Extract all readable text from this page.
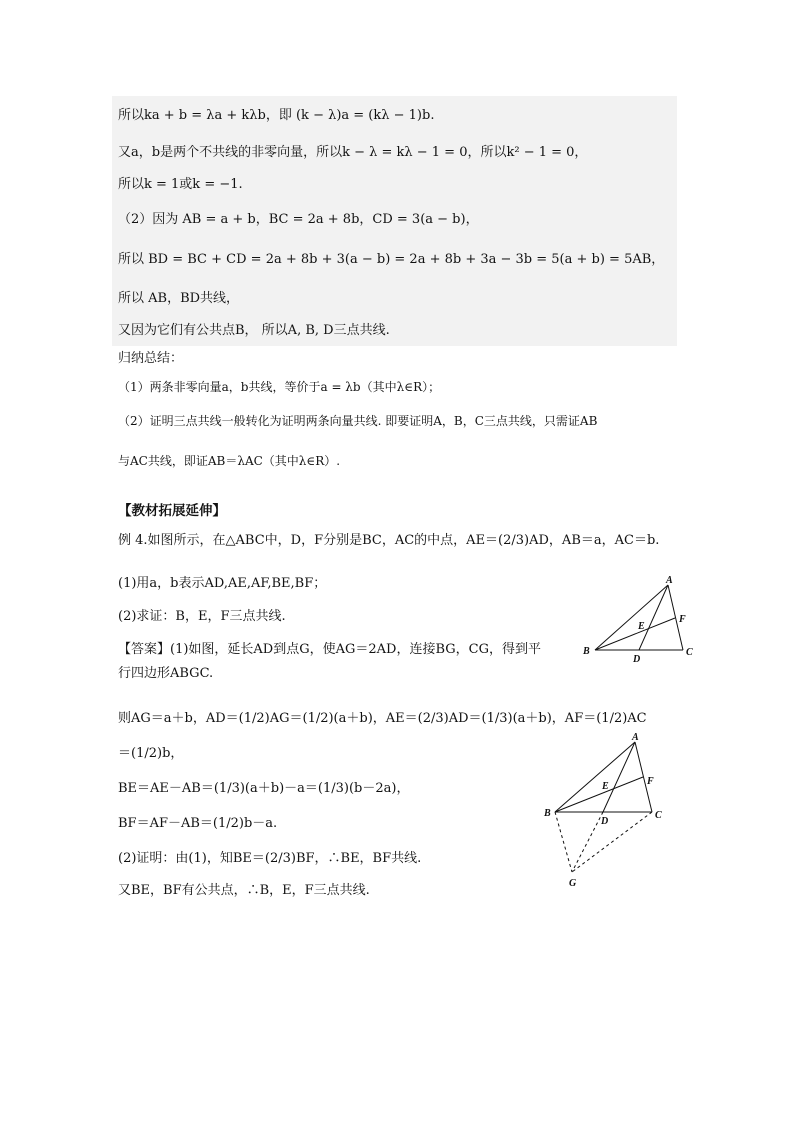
所以ka + b = λa + kλb，即 (k − λ)a = (kλ − 1)b.
又a，b是两个不共线的非零向量，所以k − λ = kλ − 1 = 0，所以k² − 1 = 0，
所以k = 1或k = −1.
（2）因为 AB = a + b，BC = 2a + 8b，CD = 3(a − b)，
所以 BD = BC + CD = 2a + 8b + 3(a − b) = 2a + 8b + 3a − 3b = 5(a + b) = 5AB，
所以 AB，BD共线，
又因为它们有公共点B， 所以A, B, D三点共线.
归纳总结：
（1）两条非零向量a，b共线，等价于a = λb（其中λ∈R）；
（2）证明三点共线一般转化为证明两条向量共线. 即要证明A，B，C三点共线，只需证AB
与AC共线，即证AB＝λAC（其中λ∈R）.
【教材拓展延伸】
例 4.如图所示，在△ABC中，D，F分别是BC，AC的中点，AE＝(2/3)AD，AB＝a，AC＝b.
(1)用a，b表示AD,AE,AF,BE,BF；
(2)求证：B，E，F三点共线.
【答案】(1)如图，延长AD到点G，使AG＝2AD，连接BG，CG，得到平
行四边形ABGC.
则AG＝a＋b，AD＝(1/2)AG＝(1/2)(a＋b)，AE＝(2/3)AD＝(1/3)(a＋b)，AF＝(1/2)AC
＝(1/2)b，
BE＝AE－AB＝(1/3)(a＋b)－a＝(1/3)(b－2a)，
BF＝AF－AB＝(1/2)b－a.
(2)证明：由(1)，知BE＝(2/3)BF，∴BE，BF共线.
又BE，BF有公共点，∴B，E，F三点共线.
A
B	C
D
E
F
A
B	C
D
E	F
G
